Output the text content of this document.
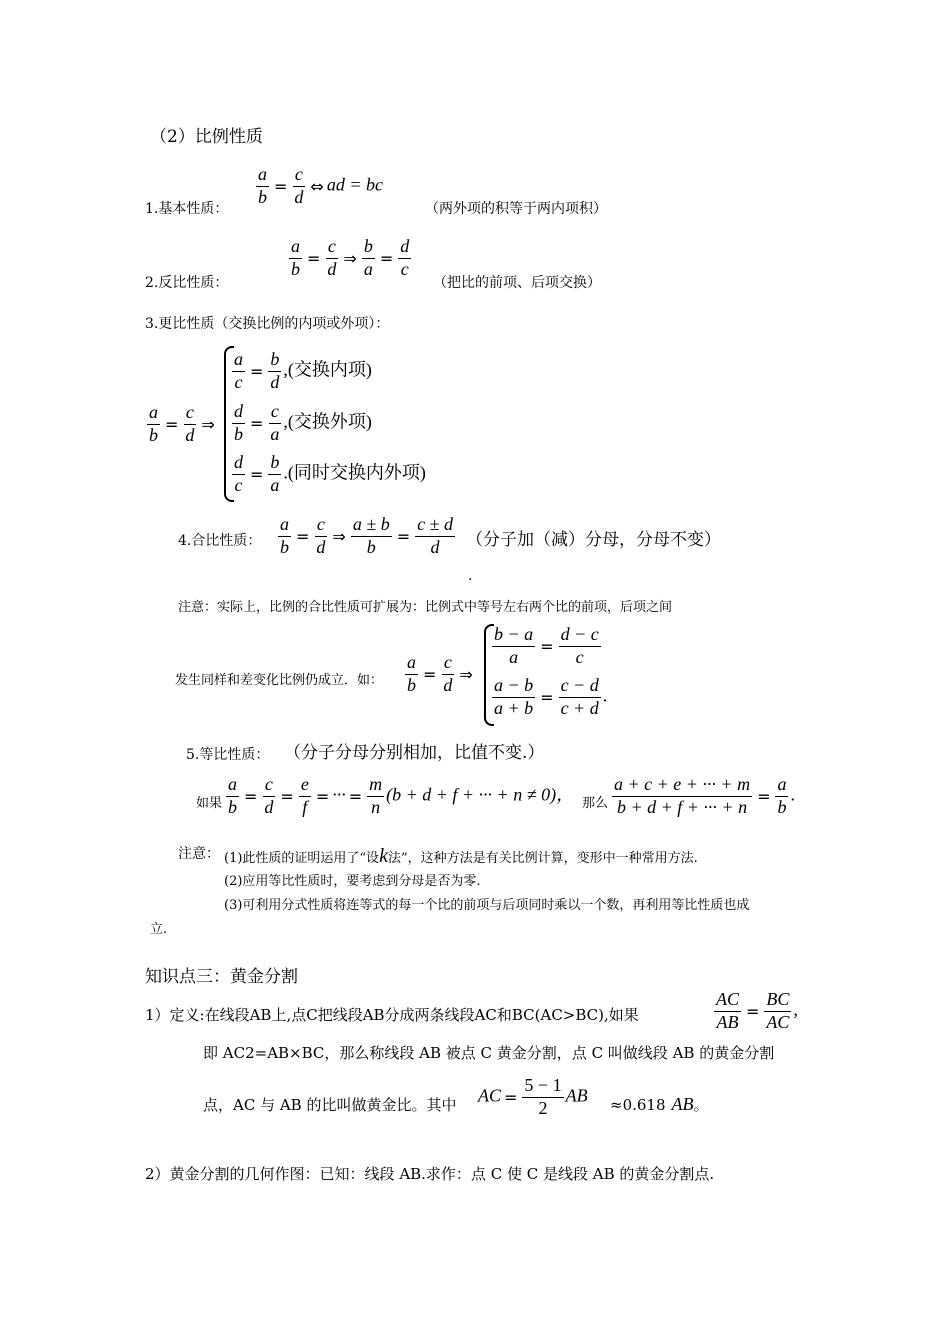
（2）比例性质
1.基本性质：
$\frac{a}{b} = \frac{c}{d}$ ⇔ ad = bc
（两外项的积等于两内项积）
2.反比性质：
$\frac{a}{b} = \frac{c}{d}$ ⇒ $\frac{b}{a} = \frac{d}{c}$
（把比的前项、后项交换）
3.更比性质（交换比例的内项或外项）：
$\frac{a}{b} = \frac{c}{d}$ ⇒
$\frac{a}{c} = \frac{b}{d}$ ,(交换内项)
$\frac{d}{b} = \frac{c}{a}$ ,(交换外项)
$\frac{d}{c} = \frac{b}{a}$ .(同时交换内外项)
4.合比性质： $\frac{a}{b} = \frac{c}{d}$ ⇒ $\frac{a \pm b}{b} = \frac{c \pm d}{d}$ （分子加（减）分母，分母不变）
.
注意：实际上，比例的合比性质可扩展为：比例式中等号左右两个比的前项，后项之间
发生同样和差变化比例仍成立．如： $\frac{a}{b} = \frac{c}{d}$ ⇒
$\frac{b - a}{a} = \frac{d - c}{c}$
$\frac{a - b}{a + b} = \frac{c - d}{c + d}$ .
5.等比性质： （分子分母分别相加，比值不变.）
如果 $\frac{a}{b} = \frac{c}{d} = \frac{e}{f}$ = ··· = $\frac{m}{n} (b + d + f$ + ··· + n ≠ 0)， 那么 $\frac{a + c + e + \cdot\cdot\cdot + m}{b + d + f + \cdot\cdot\cdot + n} = \frac{a}{b}$ .
注意： (1)此性质的证明运用了“设k法”，这种方法是有关比例计算，变形中一种常用方法.
(2)应用等比性质时，要考虑到分母是否为零.
(3)可利用分式性质将连等式的每一个比的前项与后项同时乘以一个数，再利用等比性质也成
立.
知识点三：黄金分割
1）定义:在线段AB上,点C把线段AB分成两条线段AC和BC(AC>BC),如果	$\frac{AC}{AB} = \frac{BC}{AC}$ ,
即 AC2=AB×BC，那么称线段 AB 被点 C 黄金分割，点 C 叫做线段 AB 的黄金分割
点，AC 与 AB 的比叫做黄金比。其中 AC = $\frac{5 - 1}{2}$ AB ≈0.618 AB。
2）黄金分割的几何作图：已知：线段 AB.求作：点 C 使 C 是线段 AB 的黄金分割点.
